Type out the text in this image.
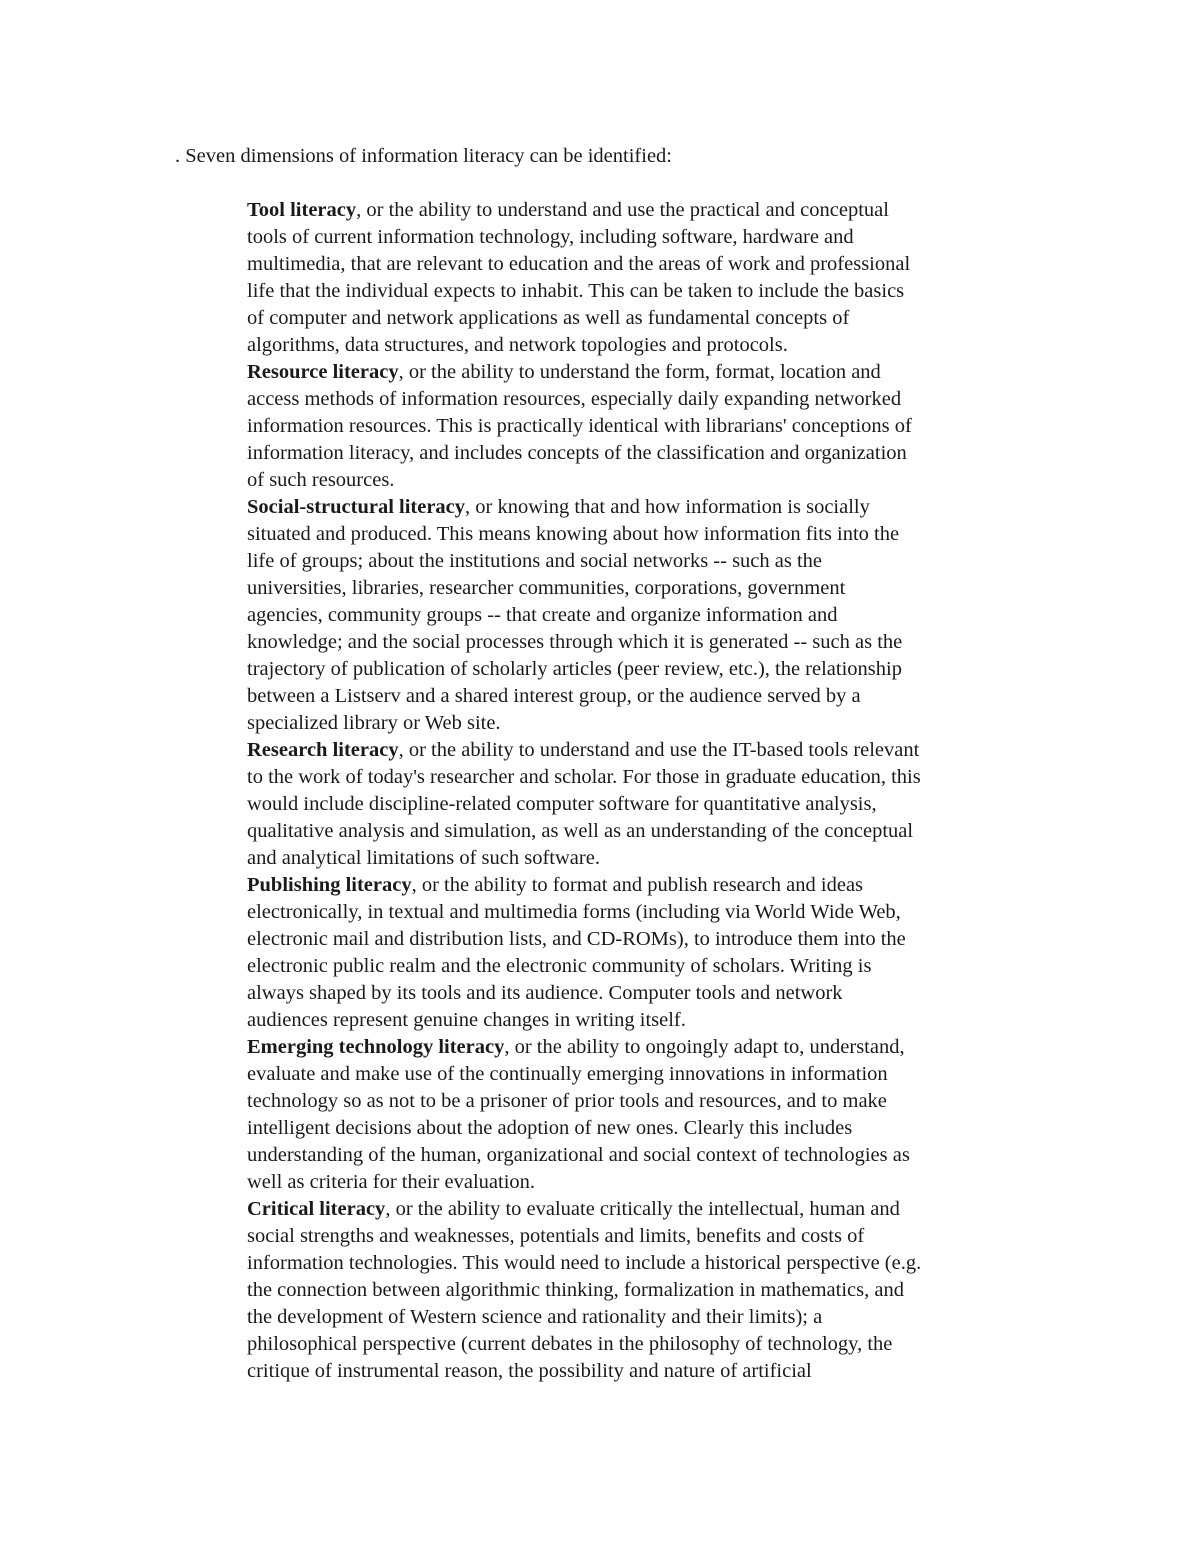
. Seven dimensions of information literacy can be identified:

Tool literacy, or the ability to understand and use the practical and conceptual
tools of current information technology, including software, hardware and
multimedia, that are relevant to education and the areas of work and professional
life that the individual expects to inhabit. This can be taken to include the basics
of computer and network applications as well as fundamental concepts of
algorithms, data structures, and network topologies and protocols.

Resource literacy, or the ability to understand the form, format, location and
access methods of information resources, especially daily expanding networked
information resources. This is practically identical with librarians' conceptions of
information literacy, and includes concepts of the classification and organization
of such resources.

Social-structural literacy, or knowing that and how information is socially
situated and produced. This means knowing about how information fits into the
life of groups; about the institutions and social networks -- such as the
universities, libraries, researcher communities, corporations, government
agencies, community groups -- that create and organize information and
knowledge; and the social processes through which it is generated -- such as the
trajectory of publication of scholarly articles (peer review, etc.), the relationship
between a Listserv and a shared interest group, or the audience served by a
specialized library or Web site.

Research literacy, or the ability to understand and use the IT-based tools relevant
to the work of today's researcher and scholar. For those in graduate education, this
would include discipline-related computer software for quantitative analysis,
qualitative analysis and simulation, as well as an understanding of the conceptual
and analytical limitations of such software.

Publishing literacy, or the ability to format and publish research and ideas
electronically, in textual and multimedia forms (including via World Wide Web,
electronic mail and distribution lists, and CD-ROMs), to introduce them into the
electronic public realm and the electronic community of scholars. Writing is
always shaped by its tools and its audience. Computer tools and network
audiences represent genuine changes in writing itself.

Emerging technology literacy, or the ability to ongoingly adapt to, understand,
evaluate and make use of the continually emerging innovations in information
technology so as not to be a prisoner of prior tools and resources, and to make
intelligent decisions about the adoption of new ones. Clearly this includes
understanding of the human, organizational and social context of technologies as
well as criteria for their evaluation.

Critical literacy, or the ability to evaluate critically the intellectual, human and
social strengths and weaknesses, potentials and limits, benefits and costs of
information technologies. This would need to include a historical perspective (e.g.
the connection between algorithmic thinking, formalization in mathematics, and
the development of Western science and rationality and their limits); a
philosophical perspective (current debates in the philosophy of technology, the
critique of instrumental reason, the possibility and nature of artificial
